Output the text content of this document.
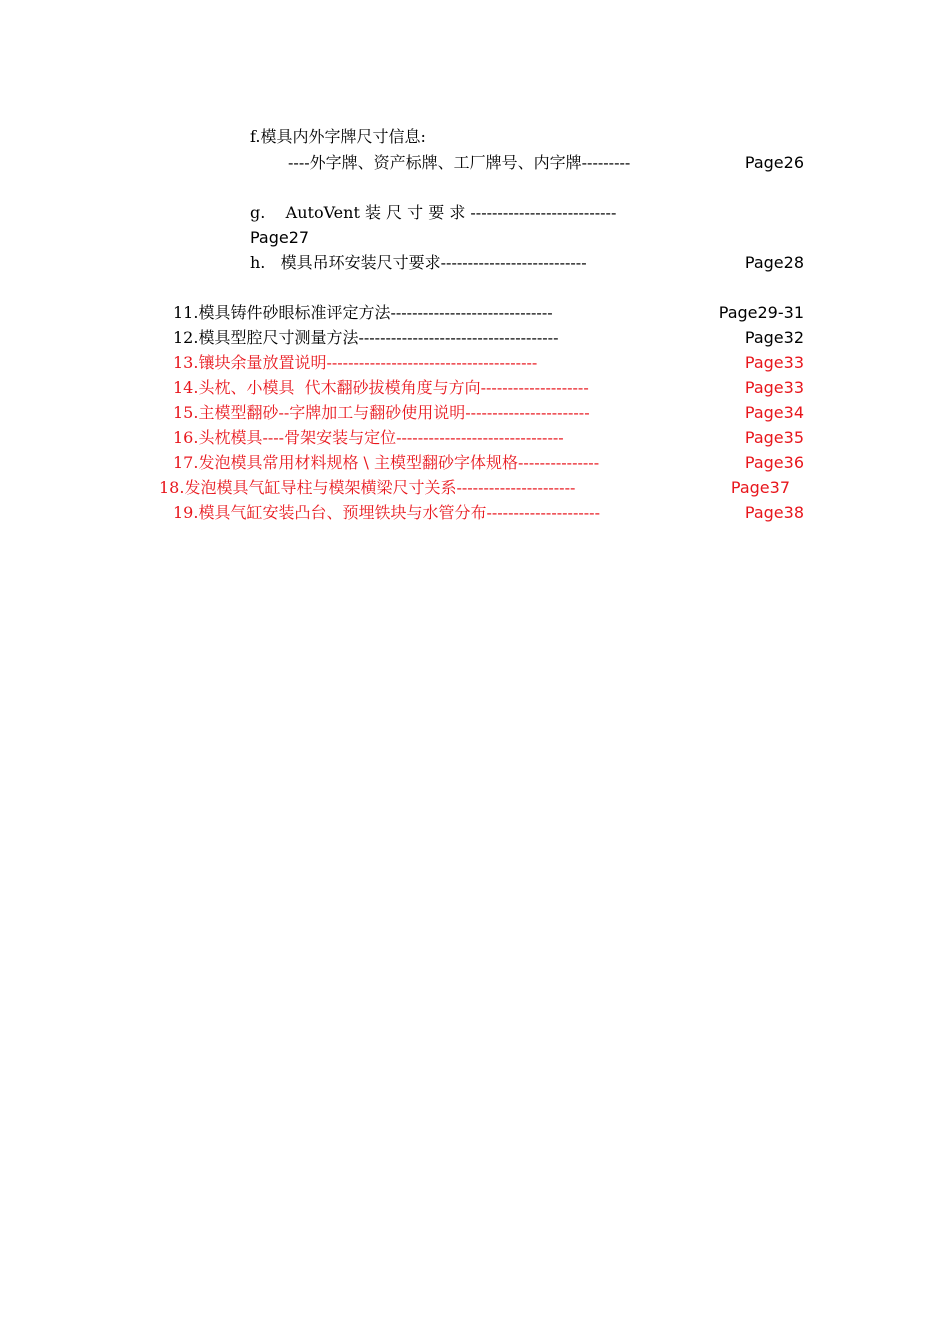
f.模具内外字牌尺寸信息:
----外字牌、资产标牌、工厂牌号、内字牌---------	Page26
g.    AutoVent 装 尺 寸 要 求 ---------------------------
Page27
h.   模具吊环安装尺寸要求---------------------------	Page28
11.模具铸件砂眼标准评定方法------------------------------	Page29-31
12.模具型腔尺寸测量方法-------------------------------------	Page32
13.镶块余量放置说明---------------------------------------	Page33
14.头枕、小模具  代木翻砂拔模角度与方向--------------------	Page33
15.主模型翻砂--字牌加工与翻砂使用说明-----------------------	Page34
16.头枕模具----骨架安装与定位-------------------------------	Page35
17.发泡模具常用材料规格 \ 主模型翻砂字体规格---------------	Page36
18.发泡模具气缸导柱与模架横梁尺寸关系----------------------	Page37
19.模具气缸安装凸台、预埋铁块与水管分布---------------------	Page38
